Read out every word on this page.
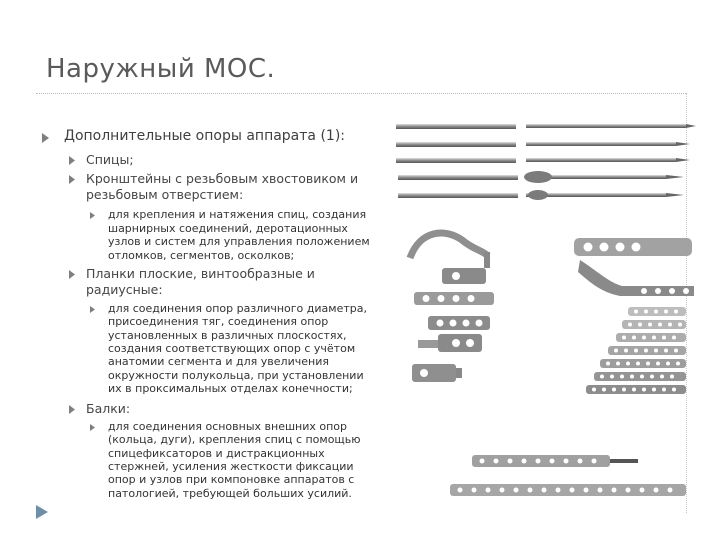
Наружный МОС.
Дополнительные опоры аппарата (1):
Спицы;
Кронштейны с резьбовым хвостовиком и
резьбовым отверстием:
для крепления и натяжения спиц, создания
шарнирных соединений, деротационных
узлов и систем для управления положением
отломков, сегментов, осколков;
Планки плоские, винтообразные и
радиусные:
для соединения опор различного диаметра,
присоединения тяг, соединения опор
установленных в различных плоскостях,
создания соответствующих опор с учётом
анатомии сегмента и для увеличения
окружности полукольца, при установлении
их в проксимальных отделах конечности;
Балки:
для соединения основных внешних опор
(кольца, дуги), крепления спиц с помощью
спицефиксаторов и дистракционных
стержней, усиления жесткости фиксации
опор и узлов при компоновке аппаратов с
патологией, требующей больших усилий.
